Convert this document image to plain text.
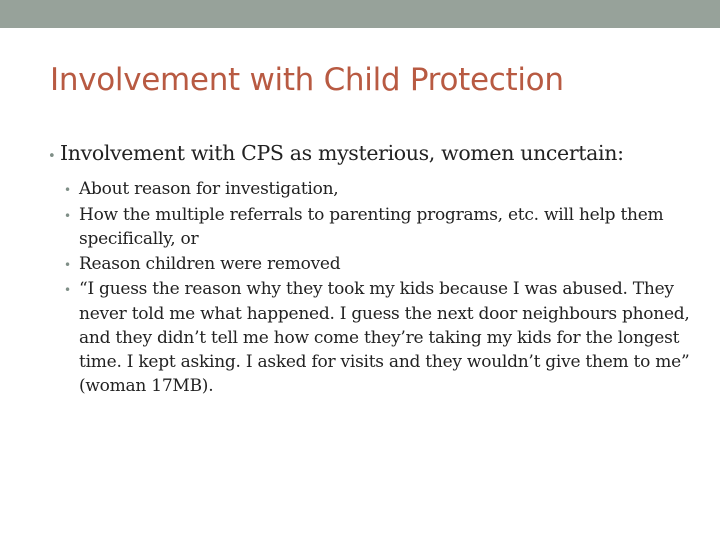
Involvement with Child Protection
• Involvement with CPS as mysterious, women uncertain:
• About reason for investigation,
• How the multiple referrals to parenting programs, etc. will help them specifically, or
• Reason children were removed
• “I guess the reason why they took my kids because I was abused. They never told me what happened. I guess the next door neighbours phoned, and they didn’t tell me how come they’re taking my kids for the longest time. I kept asking. I asked for visits and they wouldn’t give them to me” (woman 17MB).
